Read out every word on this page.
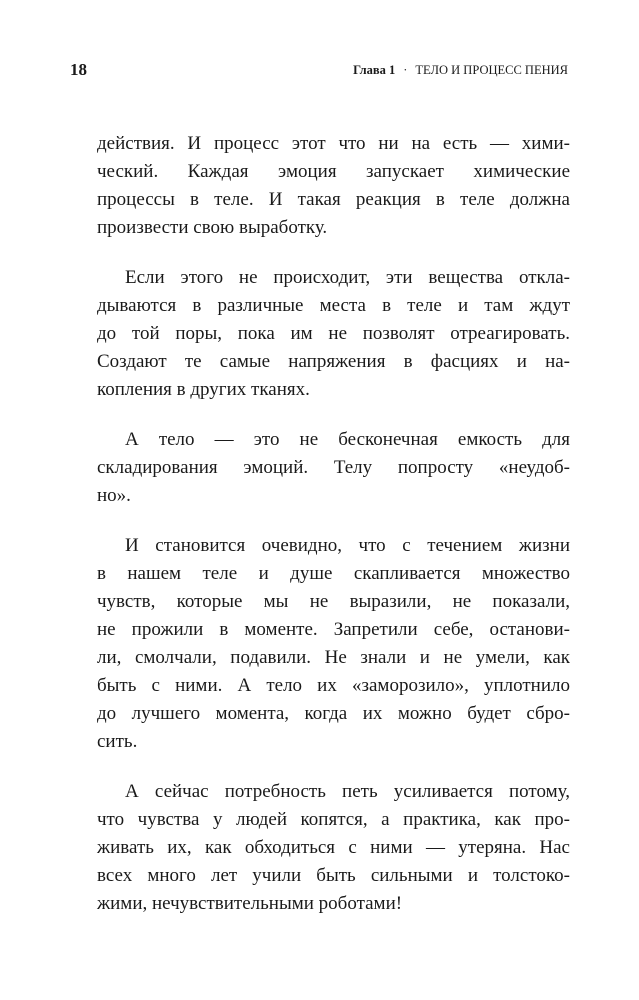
18	Глава 1 · ТЕЛО И ПРОЦЕСС ПЕНИЯ

действия. И процесс этот что ни на есть — хими-
ческий. Каждая эмоция запускает химические
процессы в теле. И такая реакция в теле должна
произвести свою выработку.

Если этого не происходит, эти вещества откла-
дываются в различные места в теле и там ждут
до той поры, пока им не позволят отреагировать.
Создают те самые напряжения в фасциях и на-
копления в других тканях.

А тело — это не бесконечная емкость для
складирования эмоций. Телу попросту «неудоб-
но».

И становится очевидно, что с течением жизни
в нашем теле и душе скапливается множество
чувств, которые мы не выразили, не показали,
не прожили в моменте. Запретили себе, останови-
ли, смолчали, подавили. Не знали и не умели, как
быть с ними. А тело их «заморозило», уплотнило
до лучшего момента, когда их можно будет сбро-
сить.

А сейчас потребность петь усиливается потому,
что чувства у людей копятся, а практика, как про-
живать их, как обходиться с ними — утеряна. Нас
всех много лет учили быть сильными и толстоко-
жими, нечувствительными роботами!
